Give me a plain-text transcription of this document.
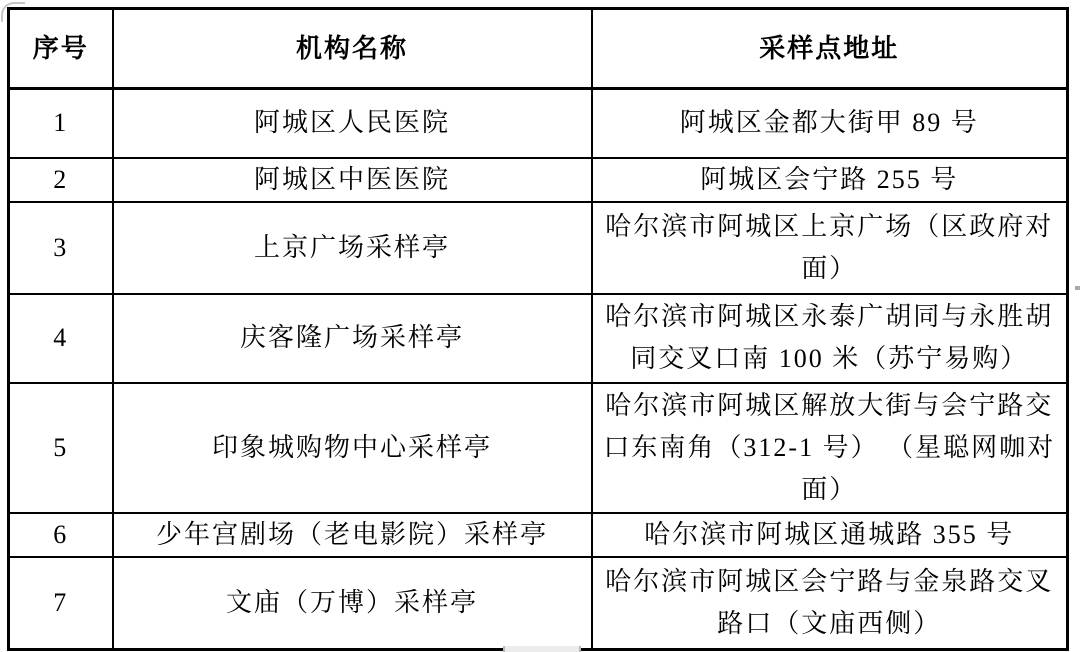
序号	机构名称	采样点地址
1	阿城区人民医院	阿城区金都大街甲 89 号
2	阿城区中医医院	阿城区会宁路 255 号
3	上京广场采样亭	哈尔滨市阿城区上京广场（区政府对面）
4	庆客隆广场采样亭	哈尔滨市阿城区永泰广胡同与永胜胡同交叉口南 100 米（苏宁易购）
5	印象城购物中心采样亭	哈尔滨市阿城区解放大街与会宁路交口东南角（312-1 号） （星聪网咖对面）
6	少年宫剧场（老电影院）采样亭	哈尔滨市阿城区通城路 355 号
7	文庙（万博）采样亭	哈尔滨市阿城区会宁路与金泉路交叉路口（文庙西侧）
